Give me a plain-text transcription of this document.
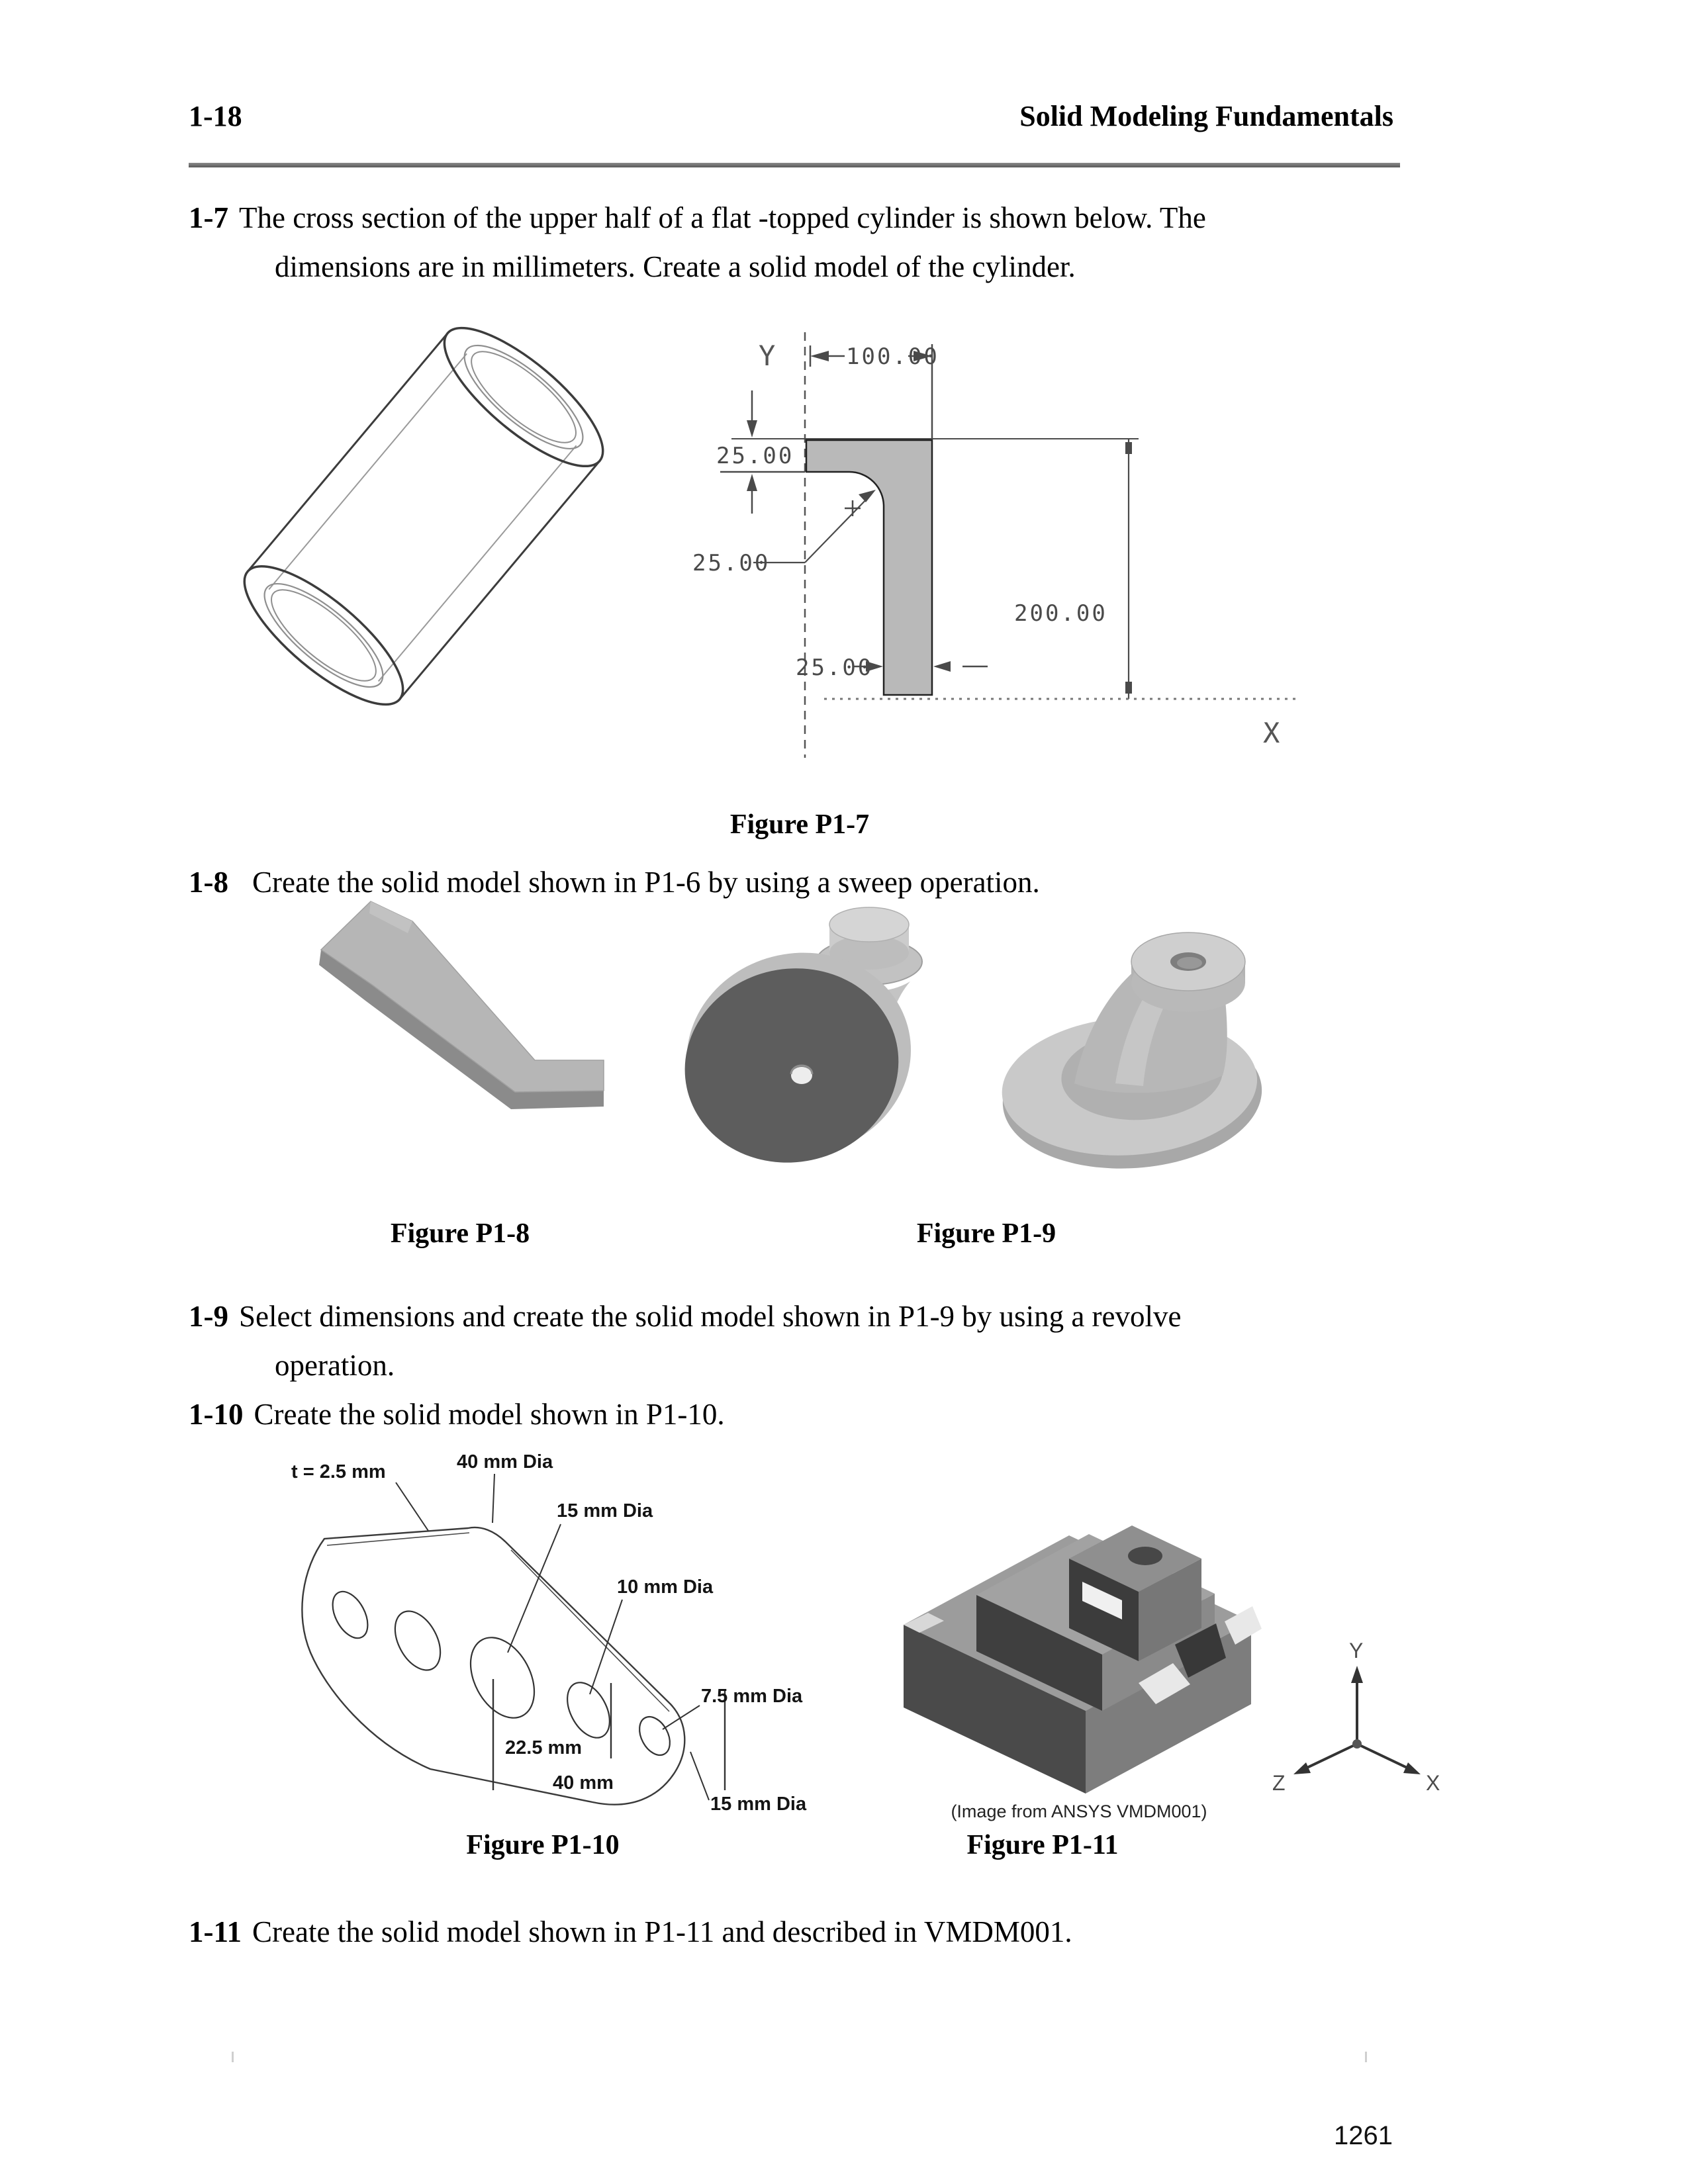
1-18	Solid Modeling Fundamentals
1-7 The cross section of the upper half of a flat -topped cylinder is shown below. The
dimensions are in millimeters. Create a solid model of the cylinder.
Y	100.00
25.00
25.00
25.00
200.00
X
Figure P1-7
1-8 Create the solid model shown in P1-6 by using a sweep operation.
Figure P1-8	Figure P1-9
1-9 Select dimensions and create the solid model shown in P1-9 by using a revolve
operation.
1-10 Create the solid model shown in P1-10.
t = 2.5 mm	40 mm Dia
15 mm Dia
10 mm Dia
7.5 mm Dia
15 mm Dia
22.5 mm
40 mm
Y
X
Z
(Image from ANSYS VMDM001)
Figure P1-10	Figure P1-11
1-11 Create the solid model shown in P1-11 and described in VMDM001.
1261
